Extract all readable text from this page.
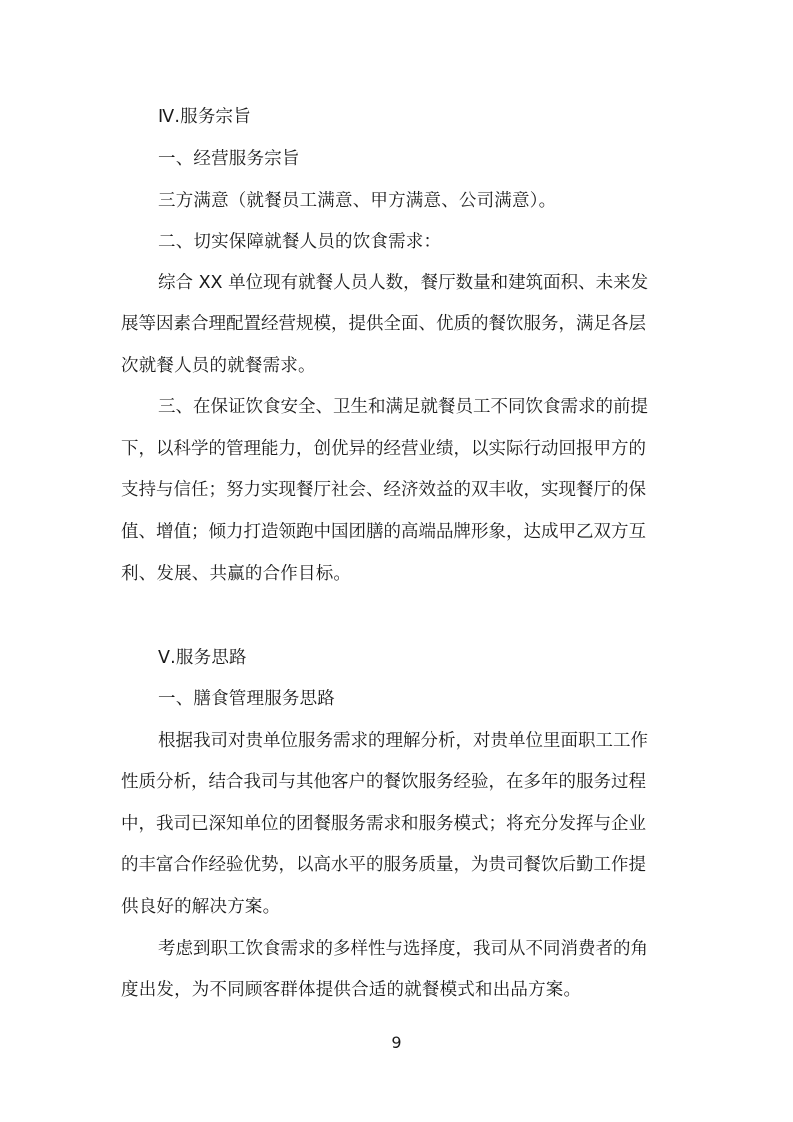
Ⅳ.服务宗旨
一、经营服务宗旨
三方满意（就餐员工满意、甲方满意、公司满意）。
二、切实保障就餐人员的饮食需求：
综合 XX 单位现有就餐人员人数，餐厅数量和建筑面积、未来发
展等因素合理配置经营规模，提供全面、优质的餐饮服务，满足各层
次就餐人员的就餐需求。
三、在保证饮食安全、卫生和满足就餐员工不同饮食需求的前提
下，以科学的管理能力，创优异的经营业绩，以实际行动回报甲方的
支持与信任；努力实现餐厅社会、经济效益的双丰收，实现餐厅的保
值、增值；倾力打造领跑中国团膳的高端品牌形象，达成甲乙双方互
利、发展、共赢的合作目标。
Ⅴ.服务思路
一、膳食管理服务思路
根据我司对贵单位服务需求的理解分析，对贵单位里面职工工作
性质分析，结合我司与其他客户的餐饮服务经验，在多年的服务过程
中，我司已深知单位的团餐服务需求和服务模式；将充分发挥与企业
的丰富合作经验优势，以高水平的服务质量，为贵司餐饮后勤工作提
供良好的解决方案。
考虑到职工饮食需求的多样性与选择度，我司从不同消费者的角
度出发，为不同顾客群体提供合适的就餐模式和出品方案。
9
